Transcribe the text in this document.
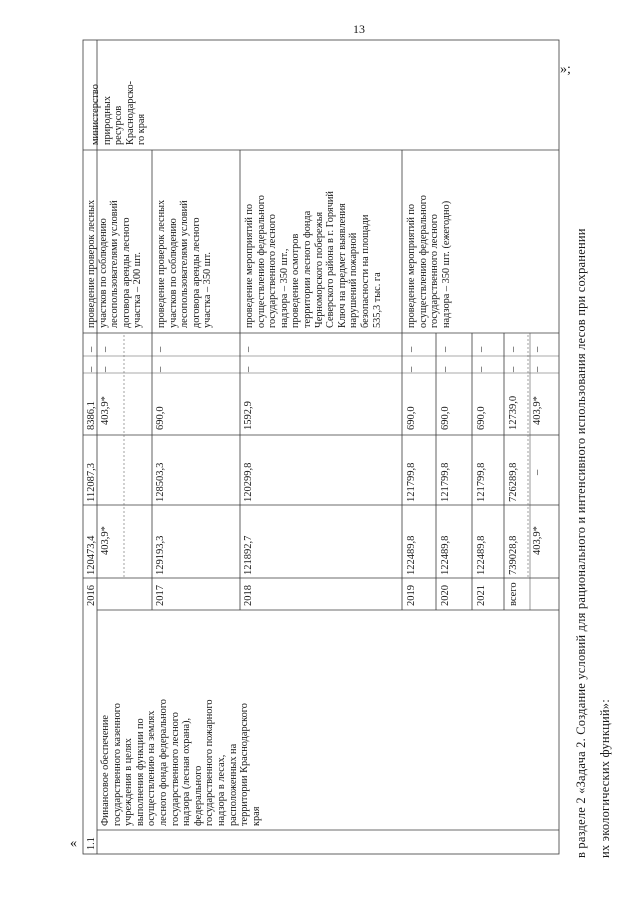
13
« 1.1
Финансовое обеспечение
государственного казенного
учреждения в целях
выполнения функции по
осуществлению на землях
лесного фонда федерального
государственного лесного
надзора (лесная охрана),
федерального
государственного пожарного
надзора в лесах,
расположенных на
территории Краснодарского
края
министерство
природных
ресурсов
Краснодарско-
го края
2016
120473,4 403,9*
112087,3
8386,1 403,9*
– –
– –
проведение проверок лесных
участков по соблюдению
лесопользователями условий
договора аренды лесного
участка – 200 шт.
2017
129193,3
128503,3
690,0
–
–
проведение проверок лесных
участков по соблюдению
лесопользователями условий
договора аренды лесного
участка – 350 шт.
2018
121892,7
120299,8
1592,9
–
–
проведение мероприятий по
осуществлению федерального
государственного лесного
надзора – 350 шт.,
проведение осмотров
территории лесного фонда
Черноморского побережья
Северского района в г. Горячий
Ключ на предмет выявления
нарушений пожарной
безопасности на площади
535,3 тыс. га
2019
122489,8
121799,8
690,0
–
–
проведение мероприятий по
осуществлению федерального
государственного лесного
надзора – 350 шт. (ежегодно)
2020
122489,8
121799,8
690,0
–
–
2021
122489,8
121799,8
690,0
–
–
всего
739028,8 403,9*
726289,8 –
12739,0 403,9*
– –
– –
»;
в разделе 2 «Задача 2. Создание условий для рационального и интенсивного использования лесов при сохранении их экологических функций»:
